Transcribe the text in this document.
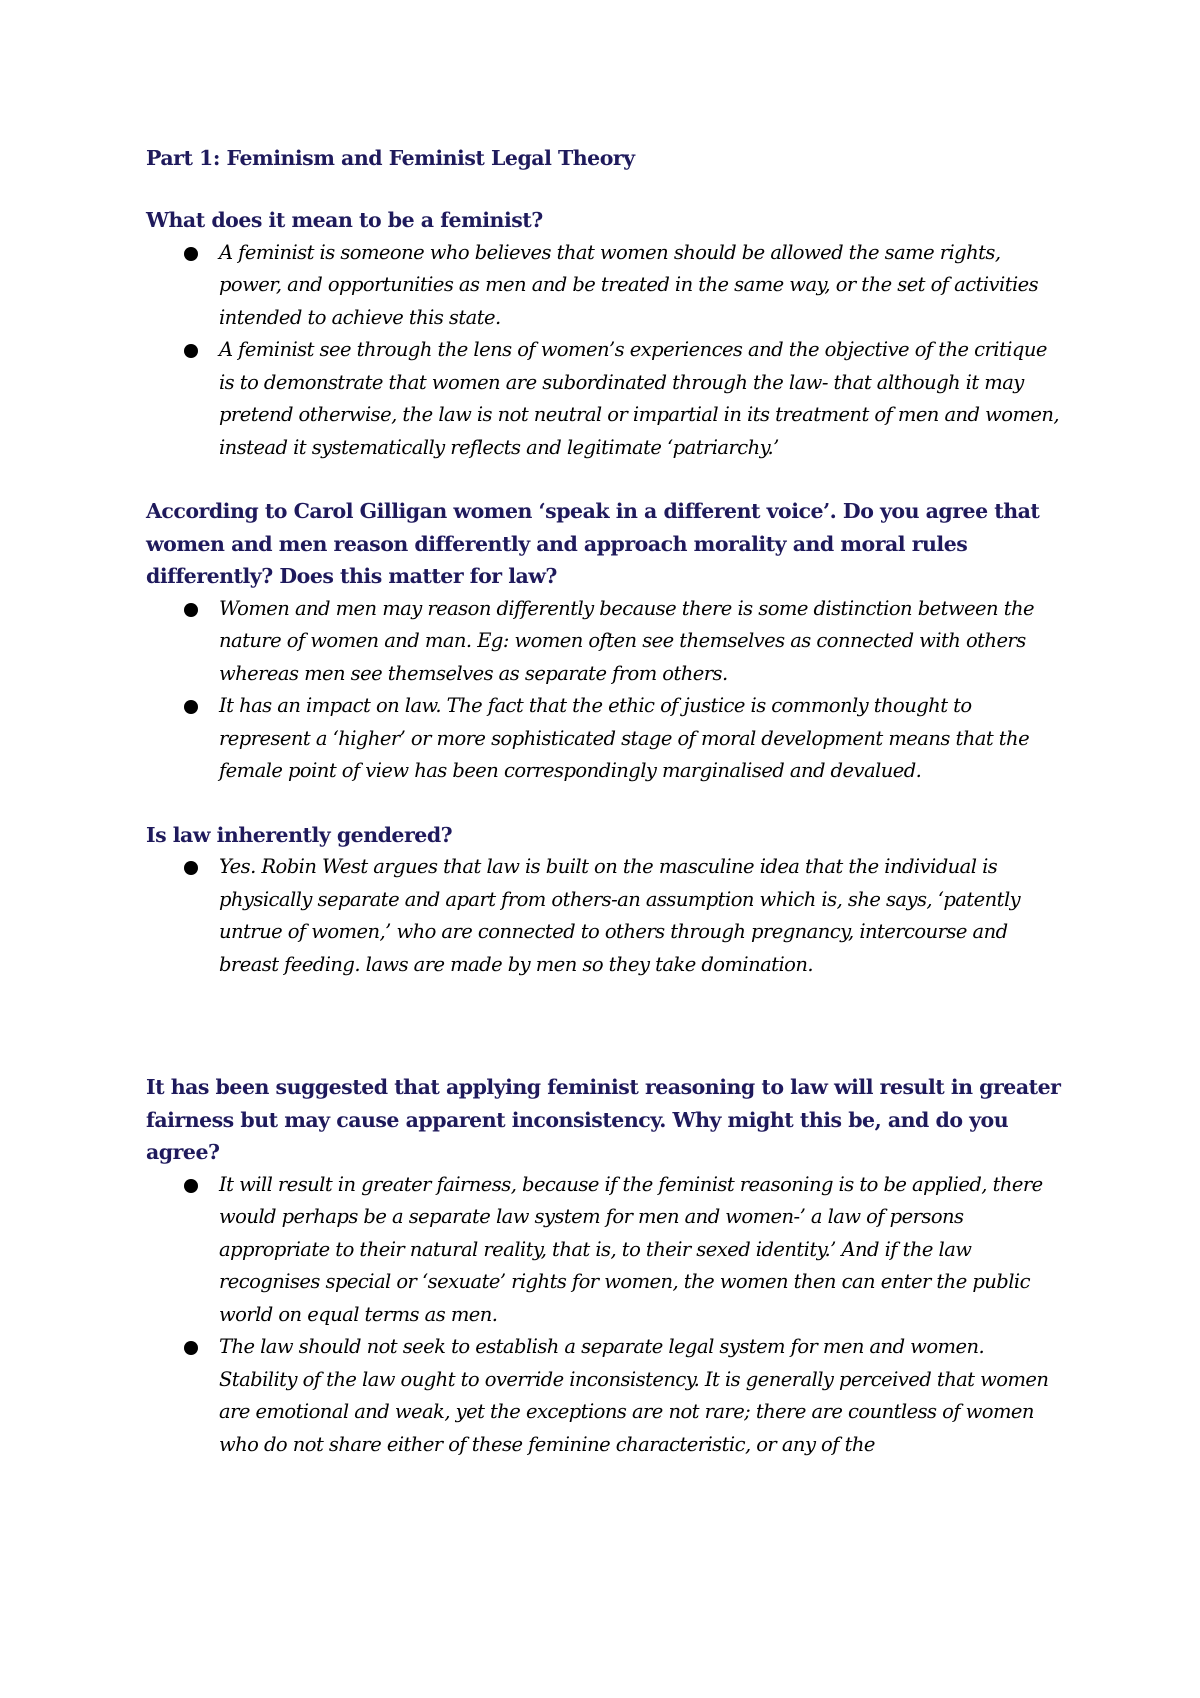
Part 1: Feminism and Feminist Legal Theory
What does it mean to be a feminist?
A feminist is someone who believes that women should be allowed the same rights, power, and opportunities as men and be treated in the same way, or the set of activities intended to achieve this state.
A feminist see through the lens of women’s experiences and the objective of the critique is to demonstrate that women are subordinated through the law- that although it may pretend otherwise, the law is not neutral or impartial in its treatment of men and women, instead it systematically reflects and legitimate ‘patriarchy.’
According to Carol Gilligan women ‘speak in a different voice’. Do you agree that women and men reason differently and approach morality and moral rules differently? Does this matter for law?
Women and men may reason differently because there is some distinction between the nature of women and man. Eg: women often see themselves as connected with others whereas men see themselves as separate from others.
It has an impact on law. The fact that the ethic of justice is commonly thought to represent a ‘higher’ or more sophisticated stage of moral development means that the female point of view has been correspondingly marginalised and devalued.
Is law inherently gendered?
Yes. Robin West argues that law is built on the masculine idea that the individual is physically separate and apart from others-an assumption which is, she says, ‘patently untrue of women,’ who are connected to others through pregnancy, intercourse and breast feeding. laws are made by men so they take domination.
It has been suggested that applying feminist reasoning to law will result in greater fairness but may cause apparent inconsistency. Why might this be, and do you agree?
It will result in greater fairness, because if the feminist reasoning is to be applied, there would perhaps be a separate law system for men and women-’ a law of persons appropriate to their natural reality, that is, to their sexed identity.’ And if the law recognises special or ‘sexuate’ rights for women, the women then can enter the public world on equal terms as men.
The law should not seek to establish a separate legal system for men and women. Stability of the law ought to override inconsistency. It is generally perceived that women are emotional and weak, yet the exceptions are not rare; there are countless of women who do not share either of these feminine characteristic, or any of the
